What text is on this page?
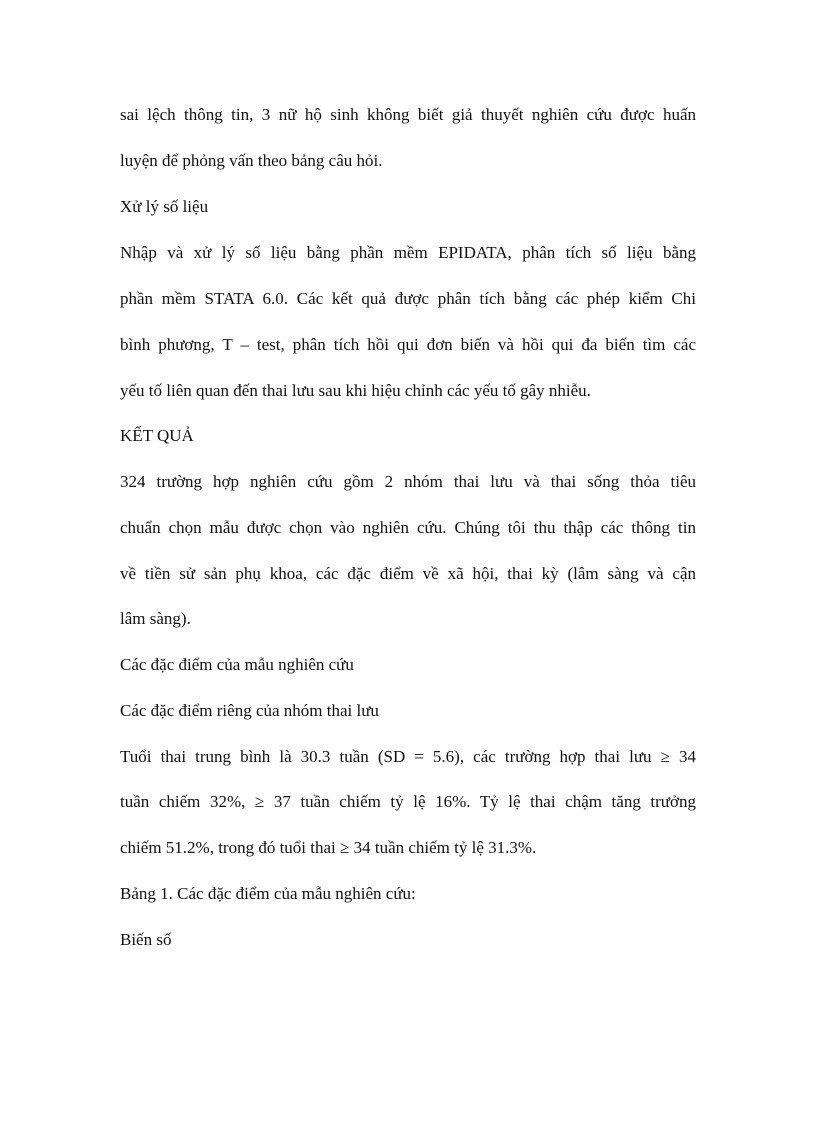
sai lệch thông tin, 3 nữ hộ sinh không biết giả thuyết nghiên cứu được huấn
luyện để phỏng vấn theo bảng câu hỏi.
Xử lý số liệu
Nhập và xử lý số liệu bằng phần mềm EPIDATA, phân tích số liệu bằng
phần mềm STATA 6.0. Các kết quả được phân tích bằng các phép kiểm Chi
bình phương, T – test, phân tích hồi qui đơn biến và hồi qui đa biến tìm các
yếu tố liên quan đến thai lưu sau khi hiệu chỉnh các yếu tố gây nhiễu.
KẾT QUẢ
324 trường hợp nghiên cứu gồm 2 nhóm thai lưu và thai sống thỏa tiêu
chuẩn chọn mẫu được chọn vào nghiên cứu. Chúng tôi thu thập các thông tin
về tiền sử sản phụ khoa, các đặc điểm về xã hội, thai kỳ (lâm sàng và cận
lâm sàng).
Các đặc điểm của mẫu nghiên cứu
Các đặc điểm riêng của nhóm thai lưu
Tuổi thai trung bình là 30.3 tuần (SD = 5.6), các trường hợp thai lưu ≥ 34
tuần chiếm 32%, ≥ 37 tuần chiếm tỷ lệ 16%. Tỷ lệ thai chậm tăng trưởng
chiếm 51.2%, trong đó tuổi thai ≥ 34 tuần chiếm tỷ lệ 31.3%.
Bảng 1. Các đặc điểm của mẫu nghiên cứu:
Biến số
